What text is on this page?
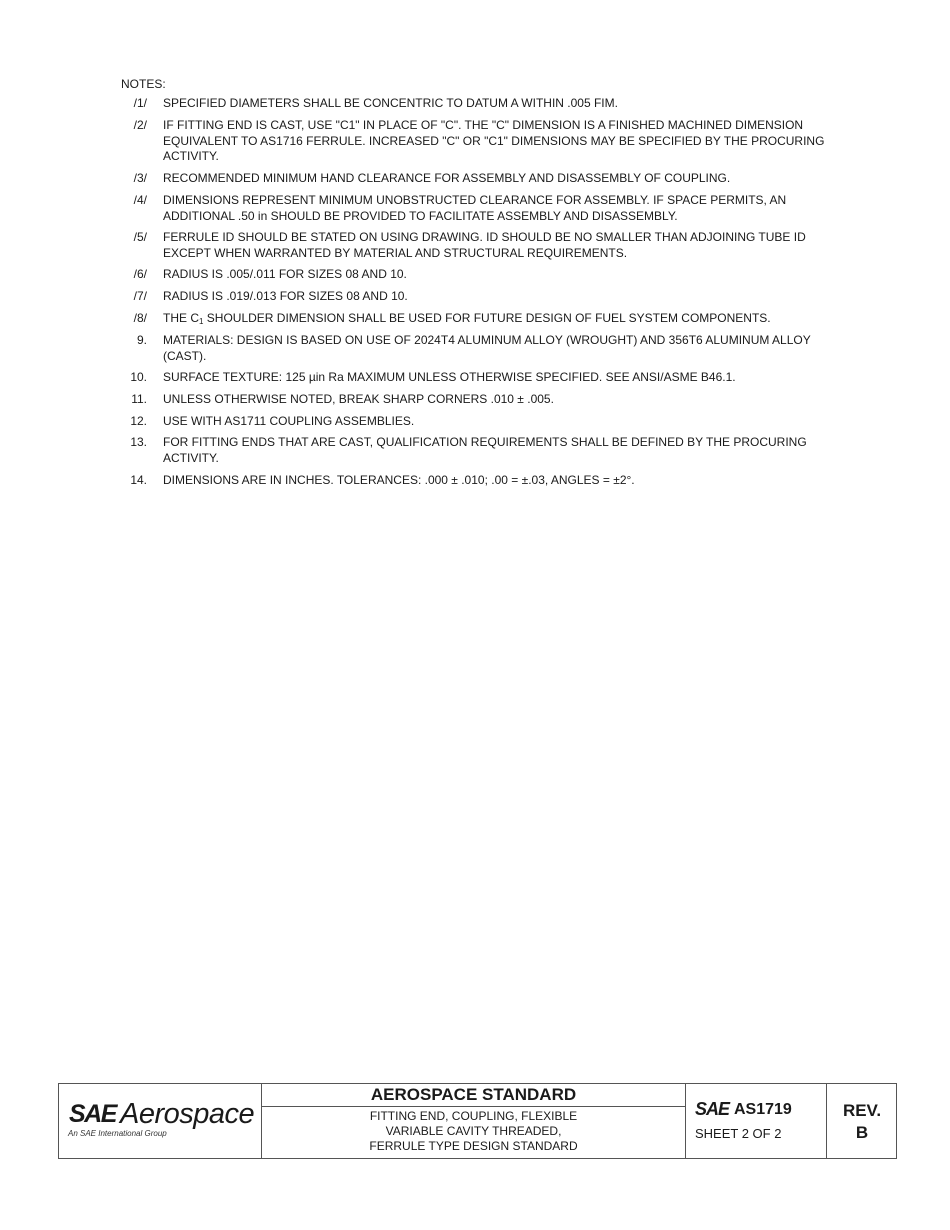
NOTES:
/1/ SPECIFIED DIAMETERS SHALL BE CONCENTRIC TO DATUM A WITHIN .005 FIM.
/2/ IF FITTING END IS CAST, USE "C1" IN PLACE OF "C". THE "C" DIMENSION IS A FINISHED MACHINED DIMENSION EQUIVALENT TO AS1716 FERRULE. INCREASED "C" OR "C1" DIMENSIONS MAY BE SPECIFIED BY THE PROCURING ACTIVITY.
/3/ RECOMMENDED MINIMUM HAND CLEARANCE FOR ASSEMBLY AND DISASSEMBLY OF COUPLING.
/4/ DIMENSIONS REPRESENT MINIMUM UNOBSTRUCTED CLEARANCE FOR ASSEMBLY. IF SPACE PERMITS, AN ADDITIONAL .50 in SHOULD BE PROVIDED TO FACILITATE ASSEMBLY AND DISASSEMBLY.
/5/ FERRULE ID SHOULD BE STATED ON USING DRAWING. ID SHOULD BE NO SMALLER THAN ADJOINING TUBE ID EXCEPT WHEN WARRANTED BY MATERIAL AND STRUCTURAL REQUIREMENTS.
/6/ RADIUS IS .005/.011 FOR SIZES 08 AND 10.
/7/ RADIUS IS .019/.013 FOR SIZES 08 AND 10.
/8/ THE $C_1$ SHOULDER DIMENSION SHALL BE USED FOR FUTURE DESIGN OF FUEL SYSTEM COMPONENTS.
9. MATERIALS: DESIGN IS BASED ON USE OF 2024T4 ALUMINUM ALLOY (WROUGHT) AND 356T6 ALUMINUM ALLOY (CAST).
10. SURFACE TEXTURE: 125 µin Ra MAXIMUM UNLESS OTHERWISE SPECIFIED. SEE ANSI/ASME B46.1.
11. UNLESS OTHERWISE NOTED, BREAK SHARP CORNERS .010 ± .005.
12. USE WITH AS1711 COUPLING ASSEMBLIES.
13. FOR FITTING ENDS THAT ARE CAST, QUALIFICATION REQUIREMENTS SHALL BE DEFINED BY THE PROCURING ACTIVITY.
14. DIMENSIONS ARE IN INCHES. TOLERANCES: .000 ± .010; .00 = ±.03, ANGLES = ±2°.
SAE Aerospace
An SAE International Group
AEROSPACE STANDARD
FITTING END, COUPLING, FLEXIBLE
VARIABLE CAVITY THREADED,
FERRULE TYPE DESIGN STANDARD
SAE AS1719
SHEET 2 OF 2
REV.
B
